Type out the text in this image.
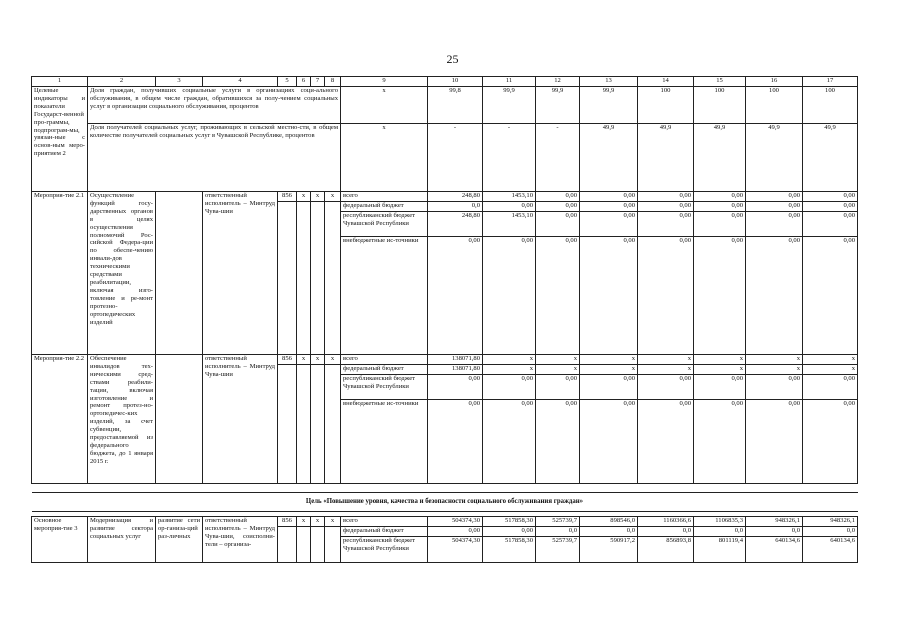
25
1	2	3	4	5	6	7	8	9	10	11	12	13	14	15	16	17
Целевые индикаторы и показатели Государст-венной про-граммы, подпрограм-мы, увязан-ные с основ-ным меро-приятием 2	Доля граждан, получивших социальные услуги в организациях соци-ального обслуживания, в общем числе граждан, обратившихся за полу-чением социальных услуг в организации социального обслуживания, процентов							х	99,8	99,9	99,9	99,9	100	100	100	100
	Доля получателей социальных услуг, проживающих в сельской местно-сти, в общем количестве получателей социальных услуг в Чувашской Республике, процентов							х	-	-	-	49,9	49,9	49,9	49,9	49,9
Мероприя-тие 2.1	Осуществление функций госу-дарственных органов в целях осуществления полномочий Рос-сийской Федера-ции по обеспе-чению инвали-дов техническими средствами реабилитации, включая изго-товление и ре-монт протезно-ортопедических изделий		ответственный исполнитель – Минтруд Чува-шии	856	х	х	х	всего	248,80	1453,10	0,00	0,00	0,00	0,00	0,00	0,00
								федеральный бюджет	0,0	0,00	0,00	0,00	0,00	0,00	0,00	0,00
								республиканский бюджет Чувашской Республики	248,80	1453,10	0,00	0,00	0,00	0,00	0,00	0,00
								внебюджетные ис-точники	0,00	0,00	0,00	0,00	0,00	0,00	0,00	0,00
Мероприя-тие 2.2	Обеспечение инвалидов тех-ническими сред-ствами реабили-тации, включая изготовление и ремонт протез-но-ортопедичес-ких изделий, за счет субвенции, предоставляемой из федерального бюджета, до 1 января 2015 г.		ответственный исполнитель – Минтруд Чува-шии	856	х	х	х	всего	138071,80	х	х	х	х	х	х	х
								федеральный бюджет	138071,80	х	х	х	х	х	х	х
								республиканский бюджет Чувашской Республики	0,00	0,00	0,00	0,00	0,00	0,00	0,00	0,00
								внебюджетные ис-точники	0,00	0,00	0,00	0,00	0,00	0,00	0,00	0,00

Цель «Повышение уровня, качества и безопасности социального обслуживания граждан»																

Основное мероприя-тие 3	Модернизация и развитие сектора социальных услуг	развитие сети ор-ганиза-ций раз-личных	ответственный исполнитель – Минтруд Чува-шии, соисполни-тели – организа-	856	х	х	х	всего	504374,30	517858,30	525739,7	898546,0	1160366,6	1106835,3	948326,1	948326,1
								федеральный бюджет	0,00	0,00	0,0	0,0	0,0	0,0	0,0	0,0
								республиканский бюджет Чувашской Республики	504374,30	517858,30	525739,7	590917,2	856893,8	801119,4	640134,6	640134,6
